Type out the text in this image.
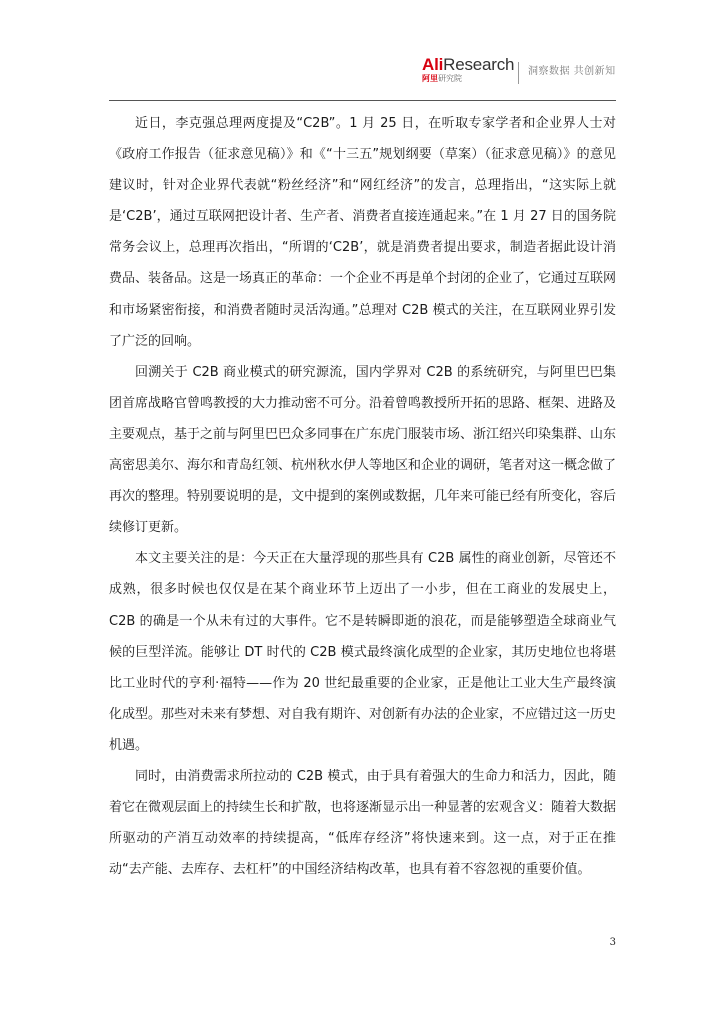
AliResearch
阿里研究院
洞察数据 共创新知

近日，李克强总理两度提及“C2B”。1 月 25 日，在听取专家学者和企业界人士对《政府工作报告（征求意见稿）》和《“十三五”规划纲要（草案）（征求意见稿）》的意见建议时，针对企业界代表就“粉丝经济”和“网红经济”的发言，总理指出，“这实际上就是‘C2B’，通过互联网把设计者、生产者、消费者直接连通起来。”在 1 月 27 日的国务院常务会议上，总理再次指出，“所谓的‘C2B’，就是消费者提出要求，制造者据此设计消费品、装备品。这是一场真正的革命：一个企业不再是单个封闭的企业了，它通过互联网和市场紧密衔接，和消费者随时灵活沟通。”总理对 C2B 模式的关注，在互联网业界引发了广泛的回响。

回溯关于 C2B 商业模式的研究源流，国内学界对 C2B 的系统研究，与阿里巴巴集团首席战略官曾鸣教授的大力推动密不可分。沿着曾鸣教授所开拓的思路、框架、进路及主要观点，基于之前与阿里巴巴众多同事在广东虎门服装市场、浙江绍兴印染集群、山东高密思美尔、海尔和青岛红领、杭州秋水伊人等地区和企业的调研，笔者对这一概念做了再次的整理。特别要说明的是，文中提到的案例或数据，几年来可能已经有所变化，容后续修订更新。

本文主要关注的是：今天正在大量浮现的那些具有 C2B 属性的商业创新，尽管还不成熟，很多时候也仅仅是在某个商业环节上迈出了一小步，但在工商业的发展史上，C2B 的确是一个从未有过的大事件。它不是转瞬即逝的浪花，而是能够塑造全球商业气候的巨型洋流。能够让 DT 时代的 C2B 模式最终演化成型的企业家，其历史地位也将堪比工业时代的亨利·福特——作为 20 世纪最重要的企业家，正是他让工业大生产最终演化成型。那些对未来有梦想、对自我有期许、对创新有办法的企业家，不应错过这一历史机遇。

同时，由消费需求所拉动的 C2B 模式，由于具有着强大的生命力和活力，因此，随着它在微观层面上的持续生长和扩散，也将逐渐显示出一种显著的宏观含义：随着大数据所驱动的产消互动效率的持续提高，“低库存经济”将快速来到。这一点，对于正在推动“去产能、去库存、去杠杆”的中国经济结构改革，也具有着不容忽视的重要价值。

3
